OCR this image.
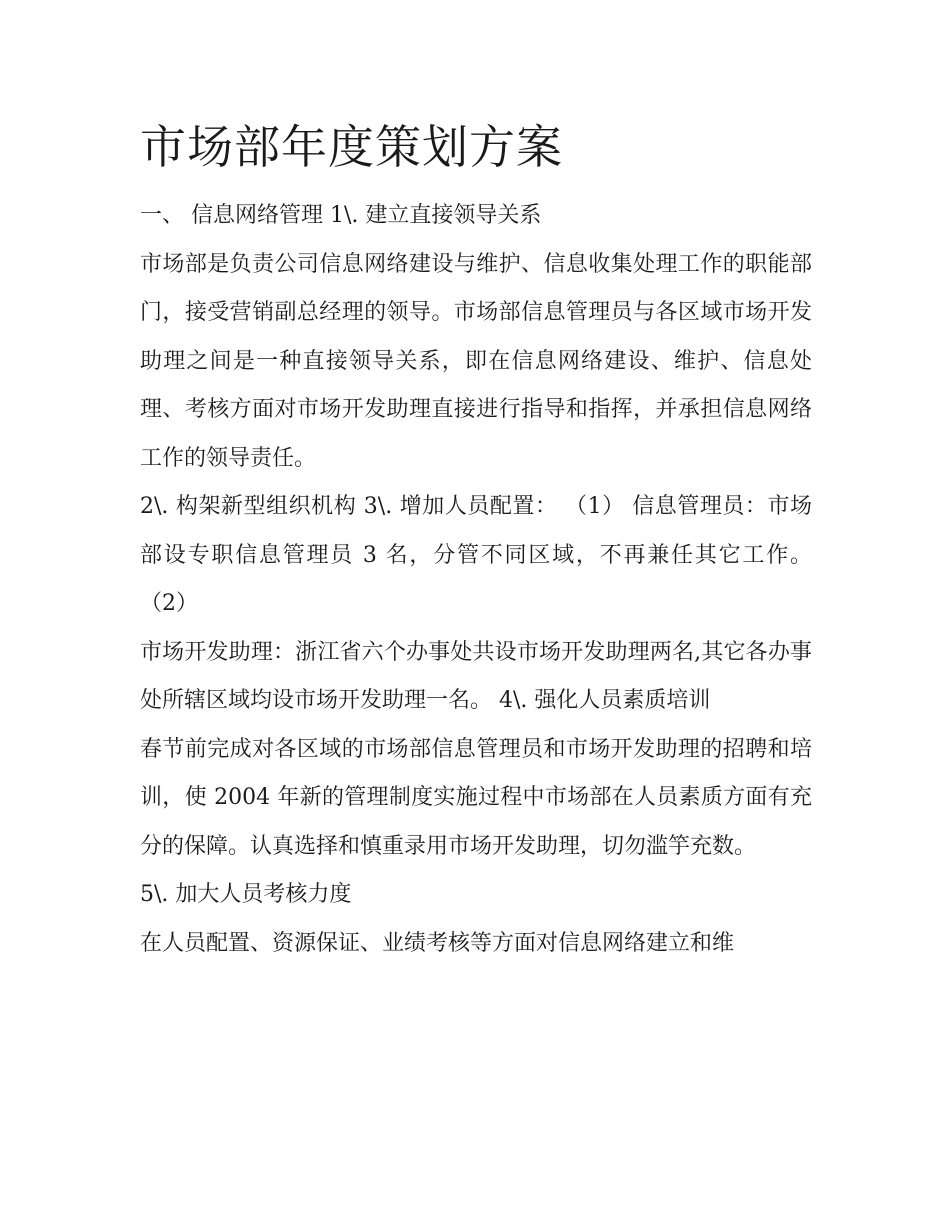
市场部年度策划方案

一、 信息网络管理 1\. 建立直接领导关系

市场部是负责公司信息网络建设与维护、信息收集处理工作的职能部门，接受营销副总经理的领导。市场部信息管理员与各区域市场开发助理之间是一种直接领导关系，即在信息网络建设、维护、信息处理、考核方面对市场开发助理直接进行指导和指挥，并承担信息网络工作的领导责任。

2\. 构架新型组织机构 3\. 增加人员配置： （1） 信息管理员：市场部设专职信息管理员 3 名，分管不同区域，不再兼任其它工作。 （2）

市场开发助理：浙江省六个办事处共设市场开发助理两名,其它各办事处所辖区域均设市场开发助理一名。 4\. 强化人员素质培训

春节前完成对各区域的市场部信息管理员和市场开发助理的招聘和培训，使 2004 年新的管理制度实施过程中市场部在人员素质方面有充分的保障。认真选择和慎重录用市场开发助理，切勿滥竽充数。

5\. 加大人员考核力度

在人员配置、资源保证、业绩考核等方面对信息网络建立和维
